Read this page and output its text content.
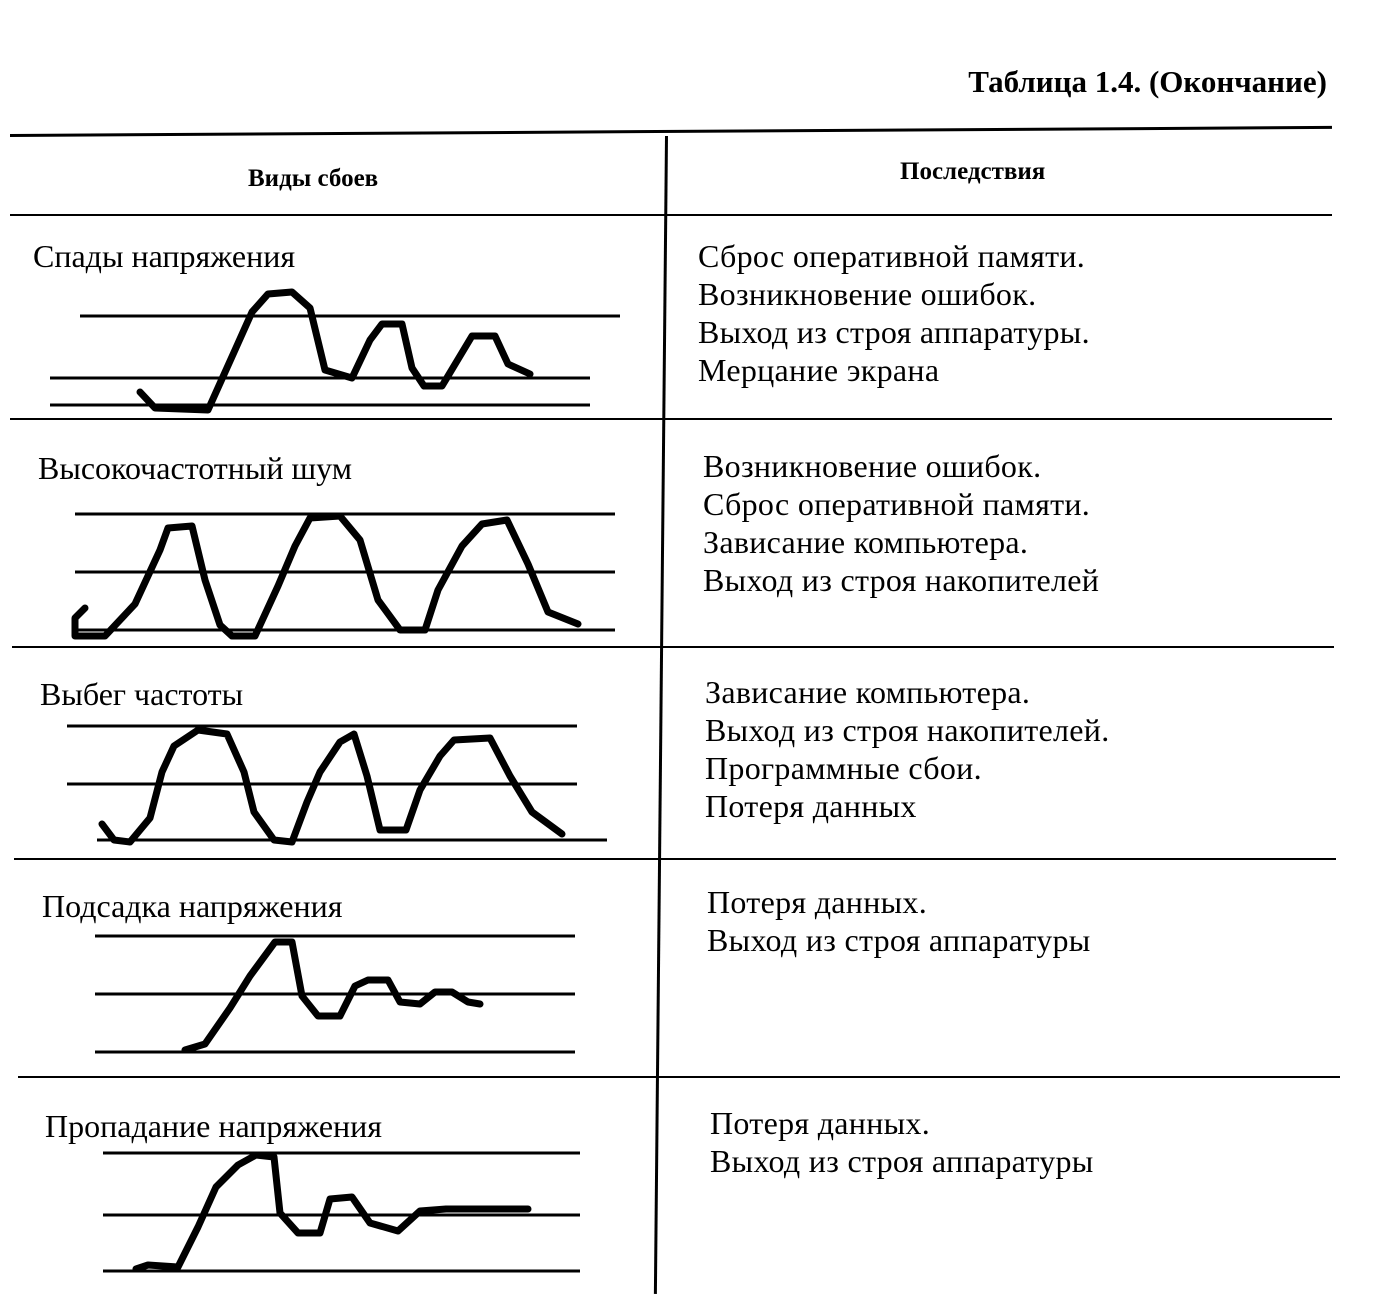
Таблица 1.4. (Окончание)
Виды сбоев	Последствия
Спады напряжения	Сброс оперативной памяти.
Возникновение ошибок.
Выход из строя аппаратуры.
Мерцание экрана
Высокочастотный шум	Возникновение ошибок.
Сброс оперативной памяти.
Зависание компьютера.
Выход из строя накопителей
Выбег частоты	Зависание компьютера.
Выход из строя накопителей.
Программные сбои.
Потеря данных
Подсадка напряжения	Потеря данных.
Выход из строя аппаратуры
Пропадание напряжения	Потеря данных.
Выход из строя аппаратуры
